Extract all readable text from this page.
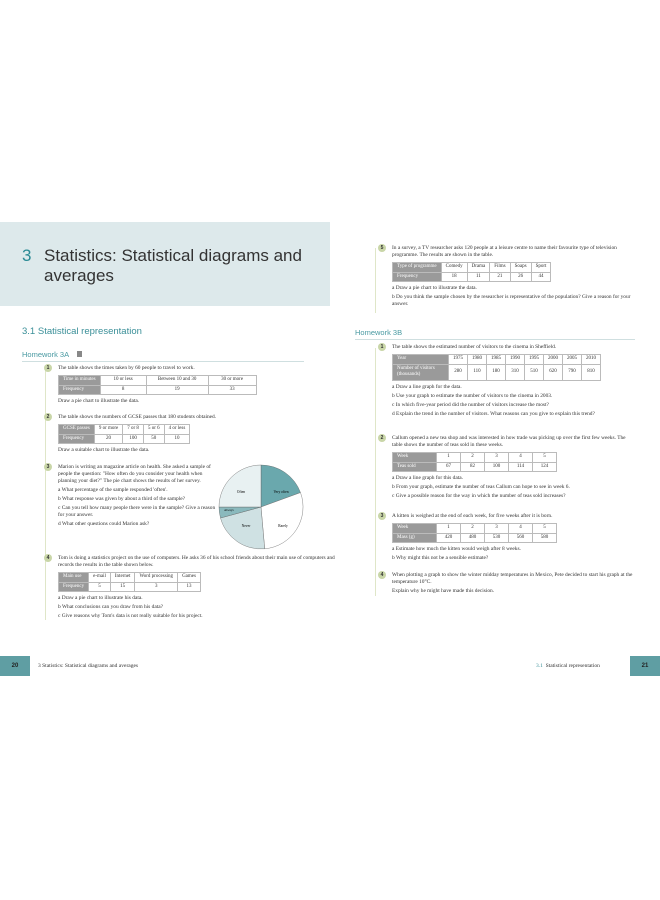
3 Statistics: Statistical diagrams and averages
3.1 Statistical representation
Homework 3A
1	The table shows the times taken by 60 people to travel to work.
Time in minutes	10 or less	Between 10 and 30	30 or more
Frequency	8	19	33
Draw a pie chart to illustrate the data.
2	The table shows the numbers of GCSE passes that 180 students obtained.
GCSE passes	9 or more	7 or 8	5 or 6	4 or less
Frequency	20	100	50	10
Draw a suitable chart to illustrate the data.
3	Marion is writing an magazine article on health. She asked a sample of people the question: "How often do you consider your health when planning your diet?" The pie chart shows the results of her survey.
a What percentage of the sample responded 'often'.
b What response was given by about a third of the sample?
c Can you tell how many people there were in the sample? Give a reason for your answer.
d What other questions could Marion ask?
Very often
Rarely
Never
Always
Often
4	Tom is doing a statistics project on the use of computers. He asks 36 of his school friends about their main use of computers and records the results in the table shown below.
Main use	e-mail	Internet	Word processing	Games
Frequency	5	15	3	13
a Draw a pie chart to illustrate his data.
b What conclusions can you draw from his data?
c Give reasons why Tom's data is not really suitable for his project.
5	In a survey, a TV researcher asks 120 people at a leisure centre to name their favourite type of television programme. The results are shown in the table.
Type of programme	Comedy	Drama	Films	Soaps	Sport
Frequency	18	11	21	26	44
a Draw a pie chart to illustrate the data.
b Do you think the sample chosen by the researcher is representative of the population? Give a reason for your answer.
Homework 3B
1	The table shows the estimated number of visitors to the cinema in Sheffield.
Year	1975	1980	1985	1990	1995	2000	2005	2010
Number of visitors (thousands)	280	110	180	310	510	620	790	810
a Draw a line graph for the data.
b Use your graph to estimate the number of visitors to the cinema in 2003.
c In which five-year period did the number of visitors increase the most?
d Explain the trend in the number of visitors. What reasons can you give to explain this trend?
2	Callum opened a new tea shop and was interested in how trade was picking up over the first few weeks. The table shows the number of teas sold in these weeks.
Week	1	2	3	4	5
Teas sold	67	82	100	114	124
a Draw a line graph for this data.
b From your graph, estimate the number of teas Callum can hope to see in week 6.
c Give a possible reason for the way in which the number of teas sold increases?
3	A kitten is weighed at the end of each week, for five weeks after it is born.
Week	1	2	3	4	5
Mass (g)	420	480	530	560	580
a Estimate how much the kitten would weigh after 8 weeks.
b Why might this not be a sensible estimate?
4	When plotting a graph to show the winter midday temperatures in Mexico, Pete decided to start his graph at the temperature 10°C.
Explain why he might have made this decision.
20	3 Statistics: Statistical diagrams and averages	3.1 Statistical representation	21
